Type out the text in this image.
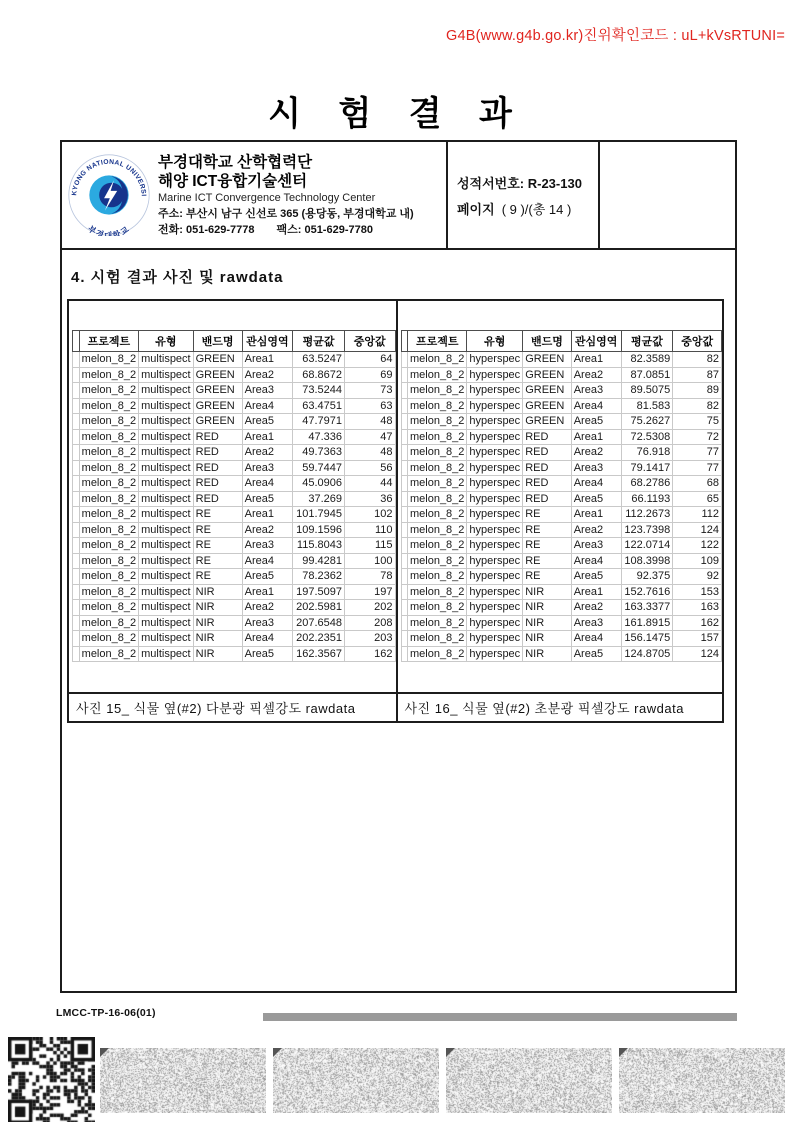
G4B(www.g4b.go.kr)진위확인코드 : uL+kVsRTUNI=
시 험 결 과
KYONG NATIONAL UNIVERSI
부경대학교
부경대학교 산학협력단
해양 ICT융합기술센터
Marine ICT Convergence Technology Center
주소: 부산시 남구 신선로 365 (용당동, 부경대학교 내)
전화: 051-629-7778 팩스: 051-629-7780
성적서번호: R-23-130
페이지 ( 9 )/(총 14 )
4. 시험 결과 사진 및 rawdata
	프로젝트	유형	밴드명	관심영역	평균값	중앙값
	melon_8_2	multispect	GREEN	Area1	63.5247	64
	melon_8_2	multispect	GREEN	Area2	68.8672	69
	melon_8_2	multispect	GREEN	Area3	73.5244	73
	melon_8_2	multispect	GREEN	Area4	63.4751	63
	melon_8_2	multispect	GREEN	Area5	47.7971	48
	melon_8_2	multispect	RED	Area1	47.336	47
	melon_8_2	multispect	RED	Area2	49.7363	48
	melon_8_2	multispect	RED	Area3	59.7447	56
	melon_8_2	multispect	RED	Area4	45.0906	44
	melon_8_2	multispect	RED	Area5	37.269	36
	melon_8_2	multispect	RE	Area1	101.7945	102
	melon_8_2	multispect	RE	Area2	109.1596	110
	melon_8_2	multispect	RE	Area3	115.8043	115
	melon_8_2	multispect	RE	Area4	99.4281	100
	melon_8_2	multispect	RE	Area5	78.2362	78
	melon_8_2	multispect	NIR	Area1	197.5097	197
	melon_8_2	multispect	NIR	Area2	202.5981	202
	melon_8_2	multispect	NIR	Area3	207.6548	208
	melon_8_2	multispect	NIR	Area4	202.2351	203
	melon_8_2	multispect	NIR	Area5	162.3567	162
사진 15_ 식물 옆(#2) 다분광 픽셀강도 rawdata
	프로젝트	유형	밴드명	관심영역	평균값	중앙값
	melon_8_2	hyperspec	GREEN	Area1	82.3589	82
	melon_8_2	hyperspec	GREEN	Area2	87.0851	87
	melon_8_2	hyperspec	GREEN	Area3	89.5075	89
	melon_8_2	hyperspec	GREEN	Area4	81.583	82
	melon_8_2	hyperspec	GREEN	Area5	75.2627	75
	melon_8_2	hyperspec	RED	Area1	72.5308	72
	melon_8_2	hyperspec	RED	Area2	76.918	77
	melon_8_2	hyperspec	RED	Area3	79.1417	77
	melon_8_2	hyperspec	RED	Area4	68.2786	68
	melon_8_2	hyperspec	RED	Area5	66.1193	65
	melon_8_2	hyperspec	RE	Area1	112.2673	112
	melon_8_2	hyperspec	RE	Area2	123.7398	124
	melon_8_2	hyperspec	RE	Area3	122.0714	122
	melon_8_2	hyperspec	RE	Area4	108.3998	109
	melon_8_2	hyperspec	RE	Area5	92.375	92
	melon_8_2	hyperspec	NIR	Area1	152.7616	153
	melon_8_2	hyperspec	NIR	Area2	163.3377	163
	melon_8_2	hyperspec	NIR	Area3	161.8915	162
	melon_8_2	hyperspec	NIR	Area4	156.1475	157
	melon_8_2	hyperspec	NIR	Area5	124.8705	124
사진 16_ 식물 옆(#2) 초분광 픽셀강도 rawdata
LMCC-TP-16-06(01)
